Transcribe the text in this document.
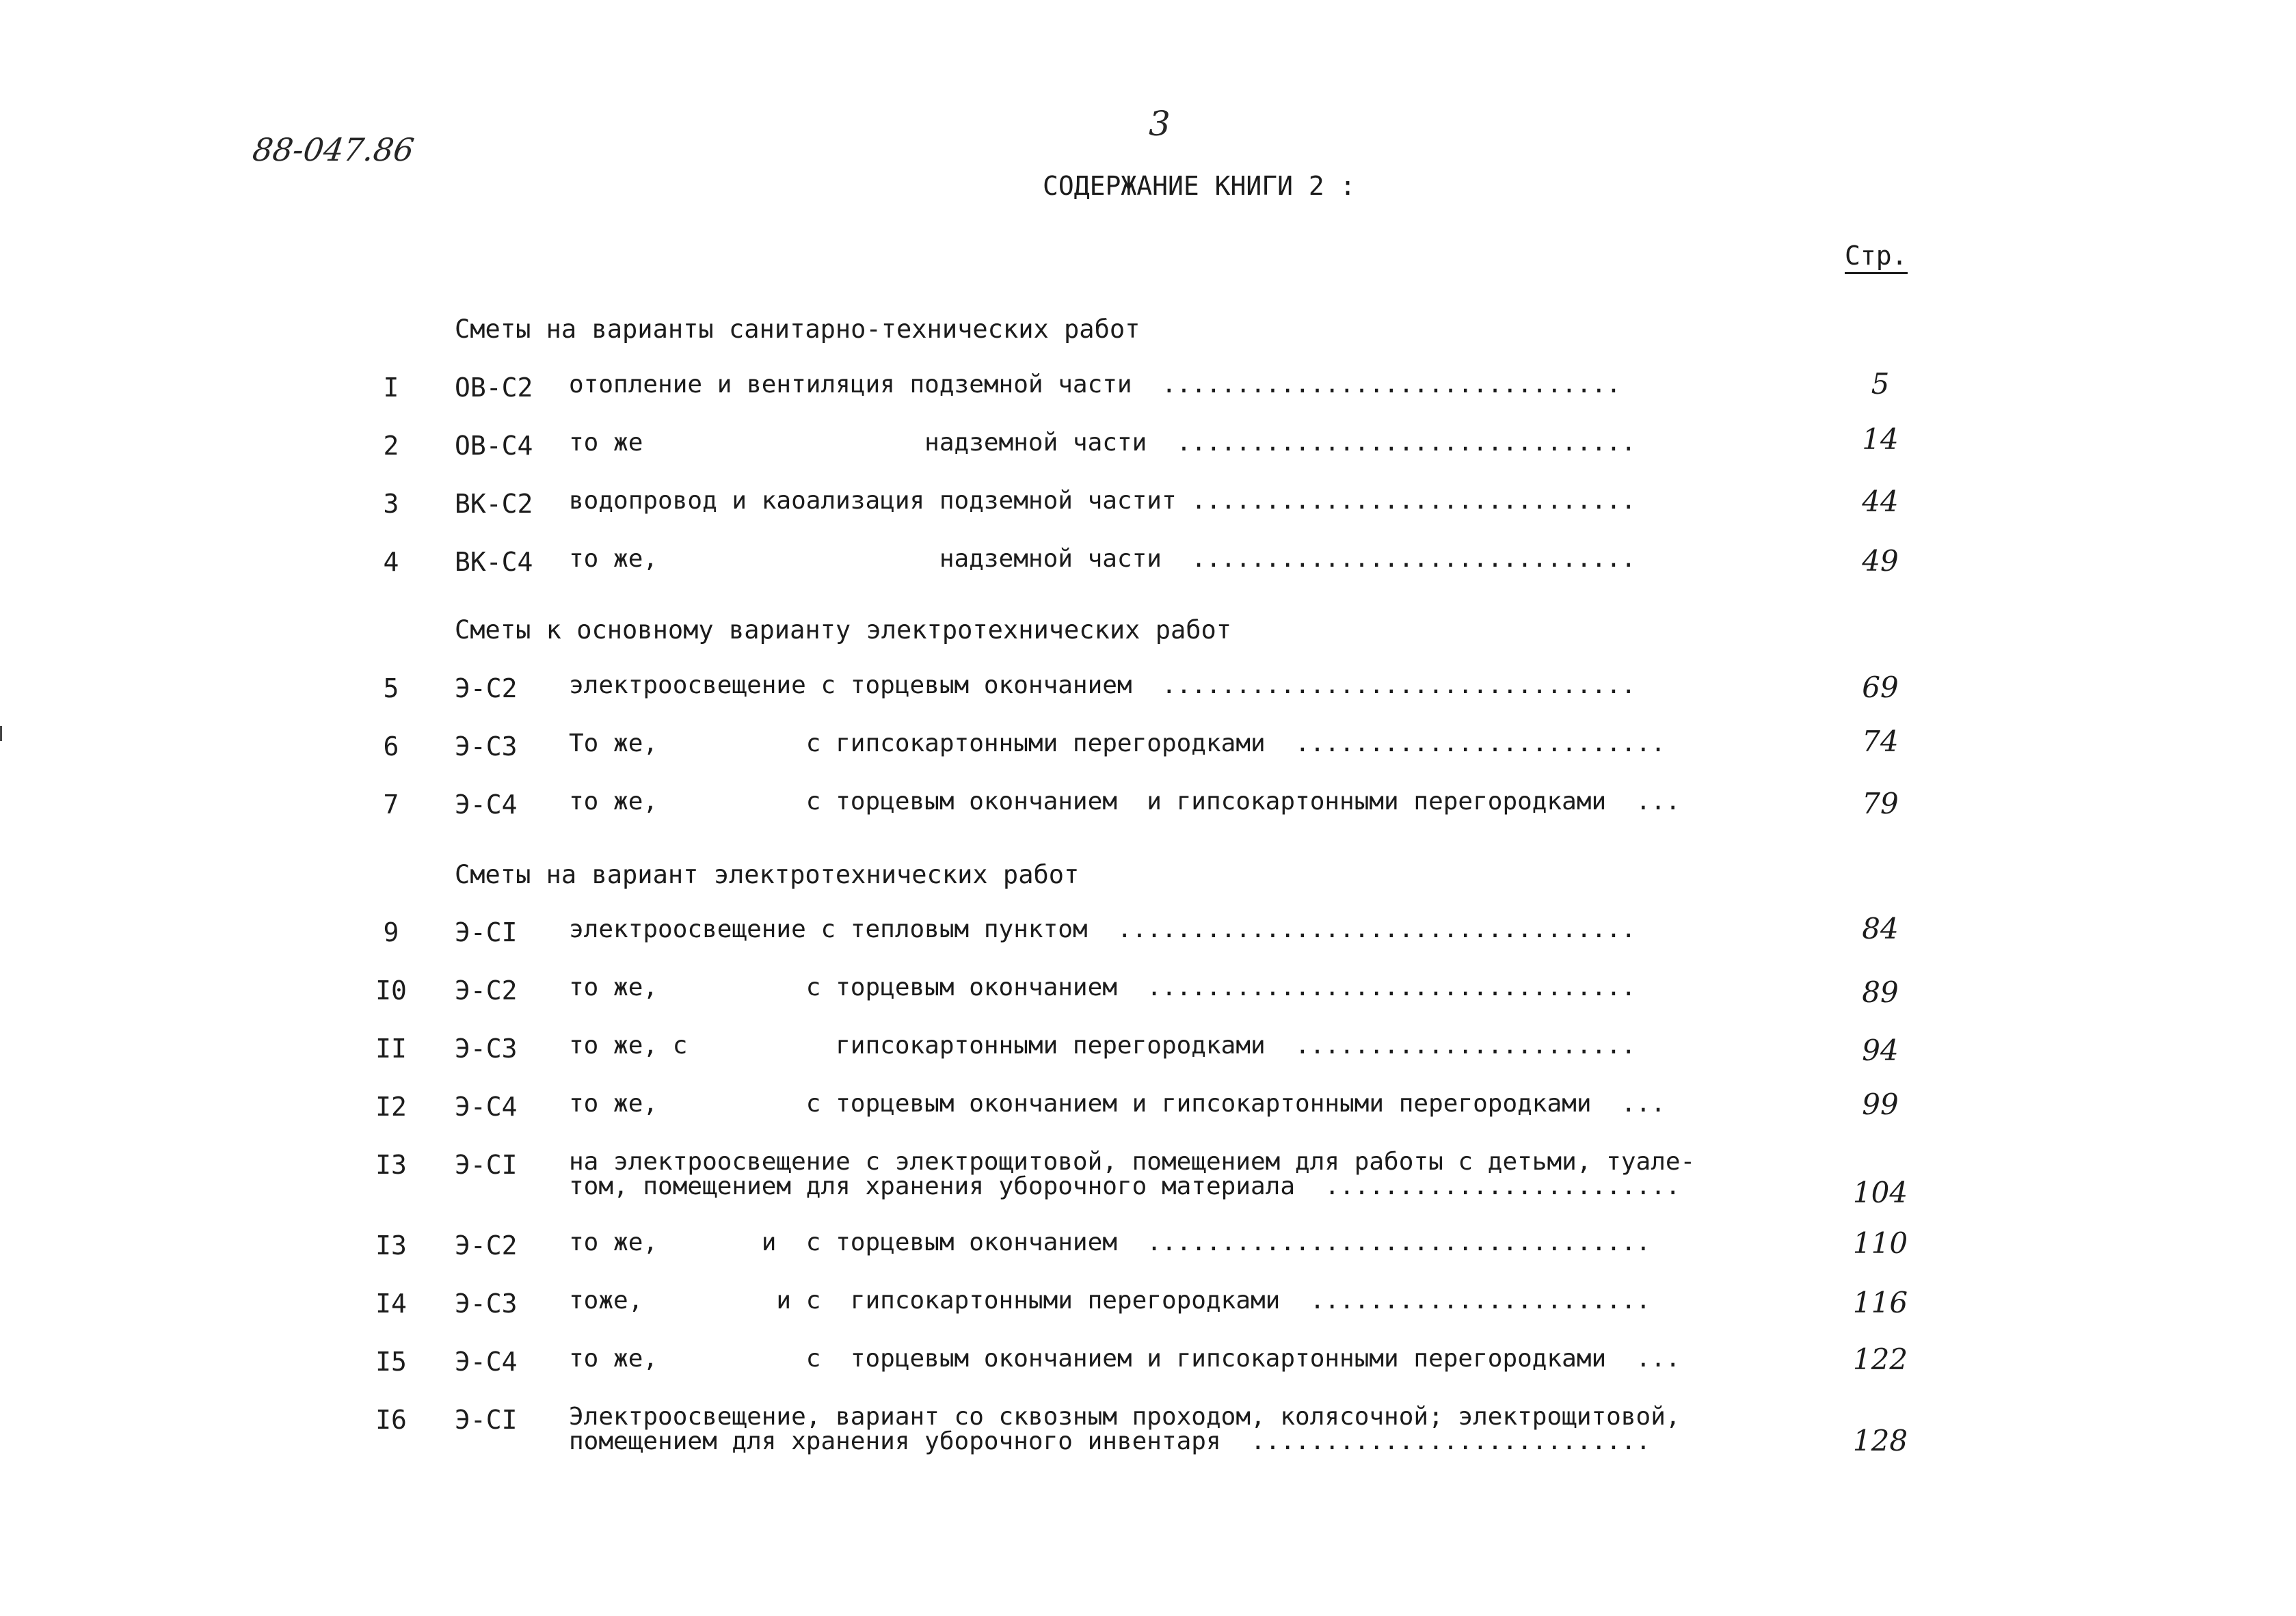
88-047.86
3
СОДЕРЖАНИЕ КНИГИ 2 :
Стр.
Сметы на варианты санитарно-технических работ
I	ОВ-С2 отопление и вентиляция подземной части  ...............................	5
2	ОВ-С4 то же                   надземной части  ...............................	14
3	ВК-С2 водопровод и каоализация подземной частит ..............................	44
4	ВК-С4 то же,                   надземной части  ..............................	49
Сметы к основному варианту электротехнических работ
5	Э-С2 электроосвещение с торцевым окончанием  ................................	69
6	Э-С3 То же,          с гипсокартонными перегородками  .........................	74
7	Э-С4 то же,          с торцевым окончанием  и гипсокартонными перегородками  ...	79
Сметы на вариант электротехнических работ
9	Э-СI электроосвещение с тепловым пунктом  ...................................	84
I0	Э-С2 то же,          с торцевым окончанием  .................................	89
II	Э-С3 то же, с          гипсокартонными перегородками  .......................	94
I2	Э-С4 то же,          с торцевым окончанием и гипсокартонными перегородками  ...	99
I3	Э-СI на электроосвещение с электрощитовой, помещением для работы с детьми, туале-
том, помещением для хранения уборочного материала  ........................	104
I3	Э-С2 то же,       и  с торцевым окончанием  ..................................	110
I4	Э-С3 тоже,         и с  гипсокартонными перегородками  .......................	116
I5	Э-С4 то же,          с  торцевым окончанием и гипсокартонными перегородками  ...	122
I6	Э-СI Электроосвещение, вариант со сквозным проходом, колясочной; электрощитовой,
помещением для хранения уборочного инвентаря  ...........................	128
